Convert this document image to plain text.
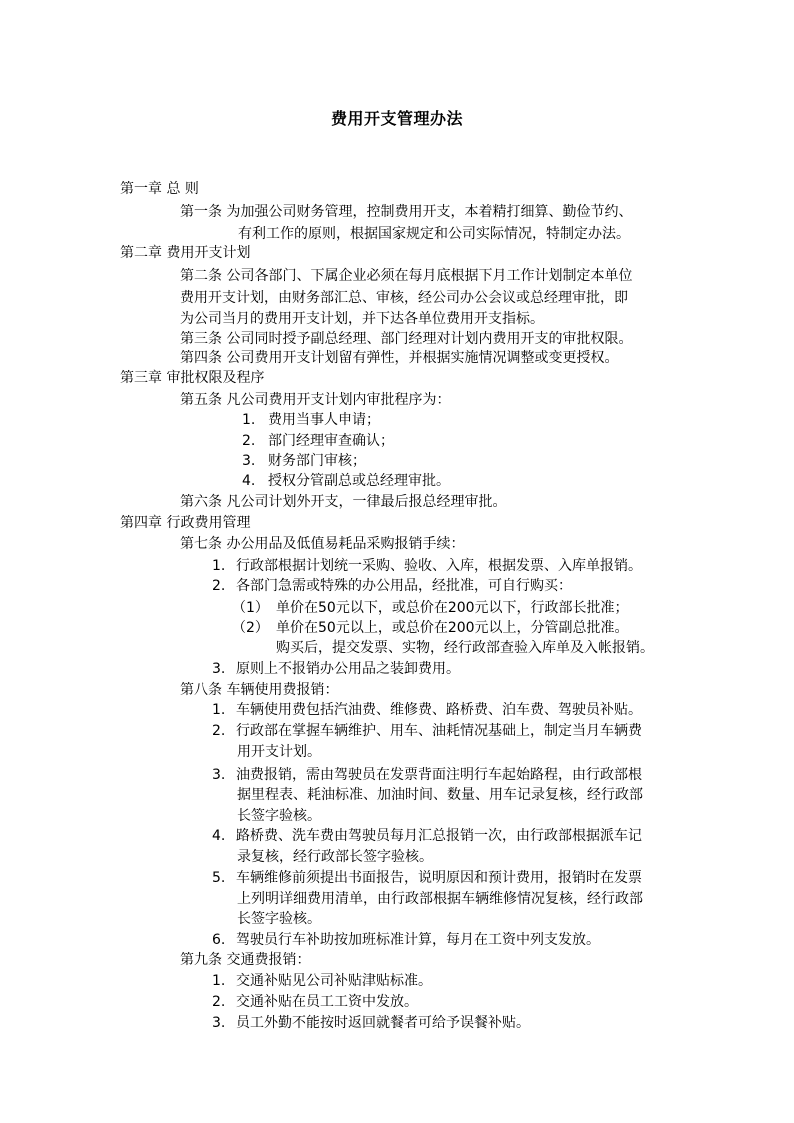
费用开支管理办法
第一章 总 则
第一条 为加强公司财务管理，控制费用开支，本着精打细算、勤俭节约、
有利工作的原则，根据国家规定和公司实际情况，特制定办法。
第二章 费用开支计划
第二条 公司各部门、下属企业必须在每月底根据下月工作计划制定本单位
费用开支计划，由财务部汇总、审核，经公司办公会议或总经理审批，即
为公司当月的费用开支计划，并下达各单位费用开支指标。
第三条 公司同时授予副总经理、部门经理对计划内费用开支的审批权限。
第四条 公司费用开支计划留有弹性，并根据实施情况调整或变更授权。
第三章 审批权限及程序
第五条 凡公司费用开支计划内审批程序为：
1. 费用当事人申请；
2. 部门经理审查确认；
3. 财务部门审核；
4. 授权分管副总或总经理审批。
第六条 凡公司计划外开支，一律最后报总经理审批。
第四章 行政费用管理
第七条 办公用品及低值易耗品采购报销手续：
1. 行政部根据计划统一采购、验收、入库，根据发票、入库单报销。
2. 各部门急需或特殊的办公用品，经批准，可自行购买：
（1） 单价在50元以下，或总价在200元以下，行政部长批准；
（2） 单价在50元以上，或总价在200元以上，分管副总批准。
购买后，提交发票、实物，经行政部查验入库单及入帐报销。
3. 原则上不报销办公用品之装卸费用。
第八条 车辆使用费报销：
1. 车辆使用费包括汽油费、维修费、路桥费、泊车费、驾驶员补贴。
2. 行政部在掌握车辆维护、用车、油耗情况基础上，制定当月车辆费
用开支计划。
3. 油费报销，需由驾驶员在发票背面注明行车起始路程，由行政部根
据里程表、耗油标准、加油时间、数量、用车记录复核，经行政部
长签字验核。
4. 路桥费、洗车费由驾驶员每月汇总报销一次，由行政部根据派车记
录复核，经行政部长签字验核。
5. 车辆维修前须提出书面报告，说明原因和预计费用，报销时在发票
上列明详细费用清单，由行政部根据车辆维修情况复核，经行政部
长签字验核。
6. 驾驶员行车补助按加班标准计算，每月在工资中列支发放。
第九条 交通费报销：
1. 交通补贴见公司补贴津贴标准。
2. 交通补贴在员工工资中发放。
3. 员工外勤不能按时返回就餐者可给予误餐补贴。
